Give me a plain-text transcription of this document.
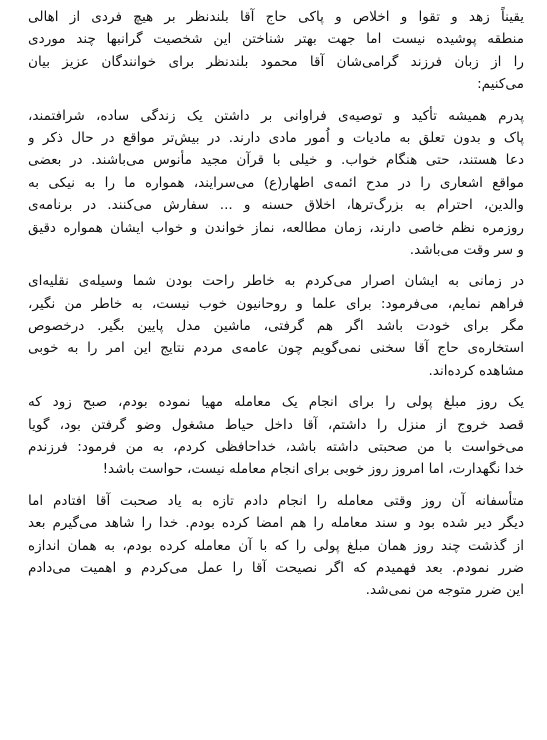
یقیناً زهد و تقوا و اخلاص و پاکی حاج آقا بلندنظر بر هیچ فردی از اهالی
منطقه پوشیده نیست اما جهت بهتر شناختن این شخصیت گرانبها چند موردی
را از زبان فرزند گرامی‌شان آقا محمود بلندنظر برای خوانندگان عزیز بیان
می‌کنیم:
پدرم همیشه تأکید و توصیه‌ی فراوانی بر داشتن یک زندگی ساده، شرافتمند،
پاک و بدون تعلق به مادیات و اُمور مادی دارند. در بیش‌تر مواقع در حال ذکر و
دعا هستند، حتی هنگام خواب. و خیلی با قرآن مجید مأنوس می‌باشند. در بعضی
مواقع اشعاری را در مدح ائمه‌ی اطهار(ع) می‌سرایند، همواره ما را به نیکی به
والدین، احترام به بزرگ‌ترها، اخلاق حسنه و ... سفارش می‌کنند. در برنامه‌ی
روزمره نظم خاصی دارند، زمان مطالعه، نماز خواندن و خواب ایشان همواره دقیق
و سر وقت می‌باشد.
در زمانی به ایشان اصرار می‌کردم به خاطر راحت بودن شما وسیله‌ی نقلیه‌ای
فراهم نمایم، می‌فرمود: برای علما و روحانیون خوب نیست، به خاطر من نگیر،
مگر برای خودت باشد اگر هم گرفتی، ماشین مدل پایین بگیر. درخصوص
استخاره‌ی حاج آقا سخنی نمی‌گویم چون عامه‌ی مردم نتایج این امر را به خوبی
مشاهده کرده‌اند.
یک روز مبلغ پولی را برای انجام یک معامله مهیا نموده بودم، صبح زود که
قصد خروج از منزل را داشتم، آقا داخل حیاط مشغول وضو گرفتن بود، گویا
می‌خواست با من صحبتی داشته باشد، خداحافظی کردم، به من فرمود: فرزندم
خدا نگهدارت، اما امروز روز خوبی برای انجام معامله نیست، حواست باشد!
متأسفانه آن روز وقتی معامله را انجام دادم تازه به یاد صحبت آقا افتادم اما
دیگر دیر شده بود و سند معامله را هم امضا کرده بودم. خدا را شاهد می‌گیرم بعد
از گذشت چند روز همان مبلغ پولی را که با آن معامله کرده بودم، به همان اندازه
ضرر نمودم. بعد فهمیدم که اگر نصیحت آقا را عمل می‌کردم و اهمیت می‌دادم
این ضرر متوجه من نمی‌شد.
